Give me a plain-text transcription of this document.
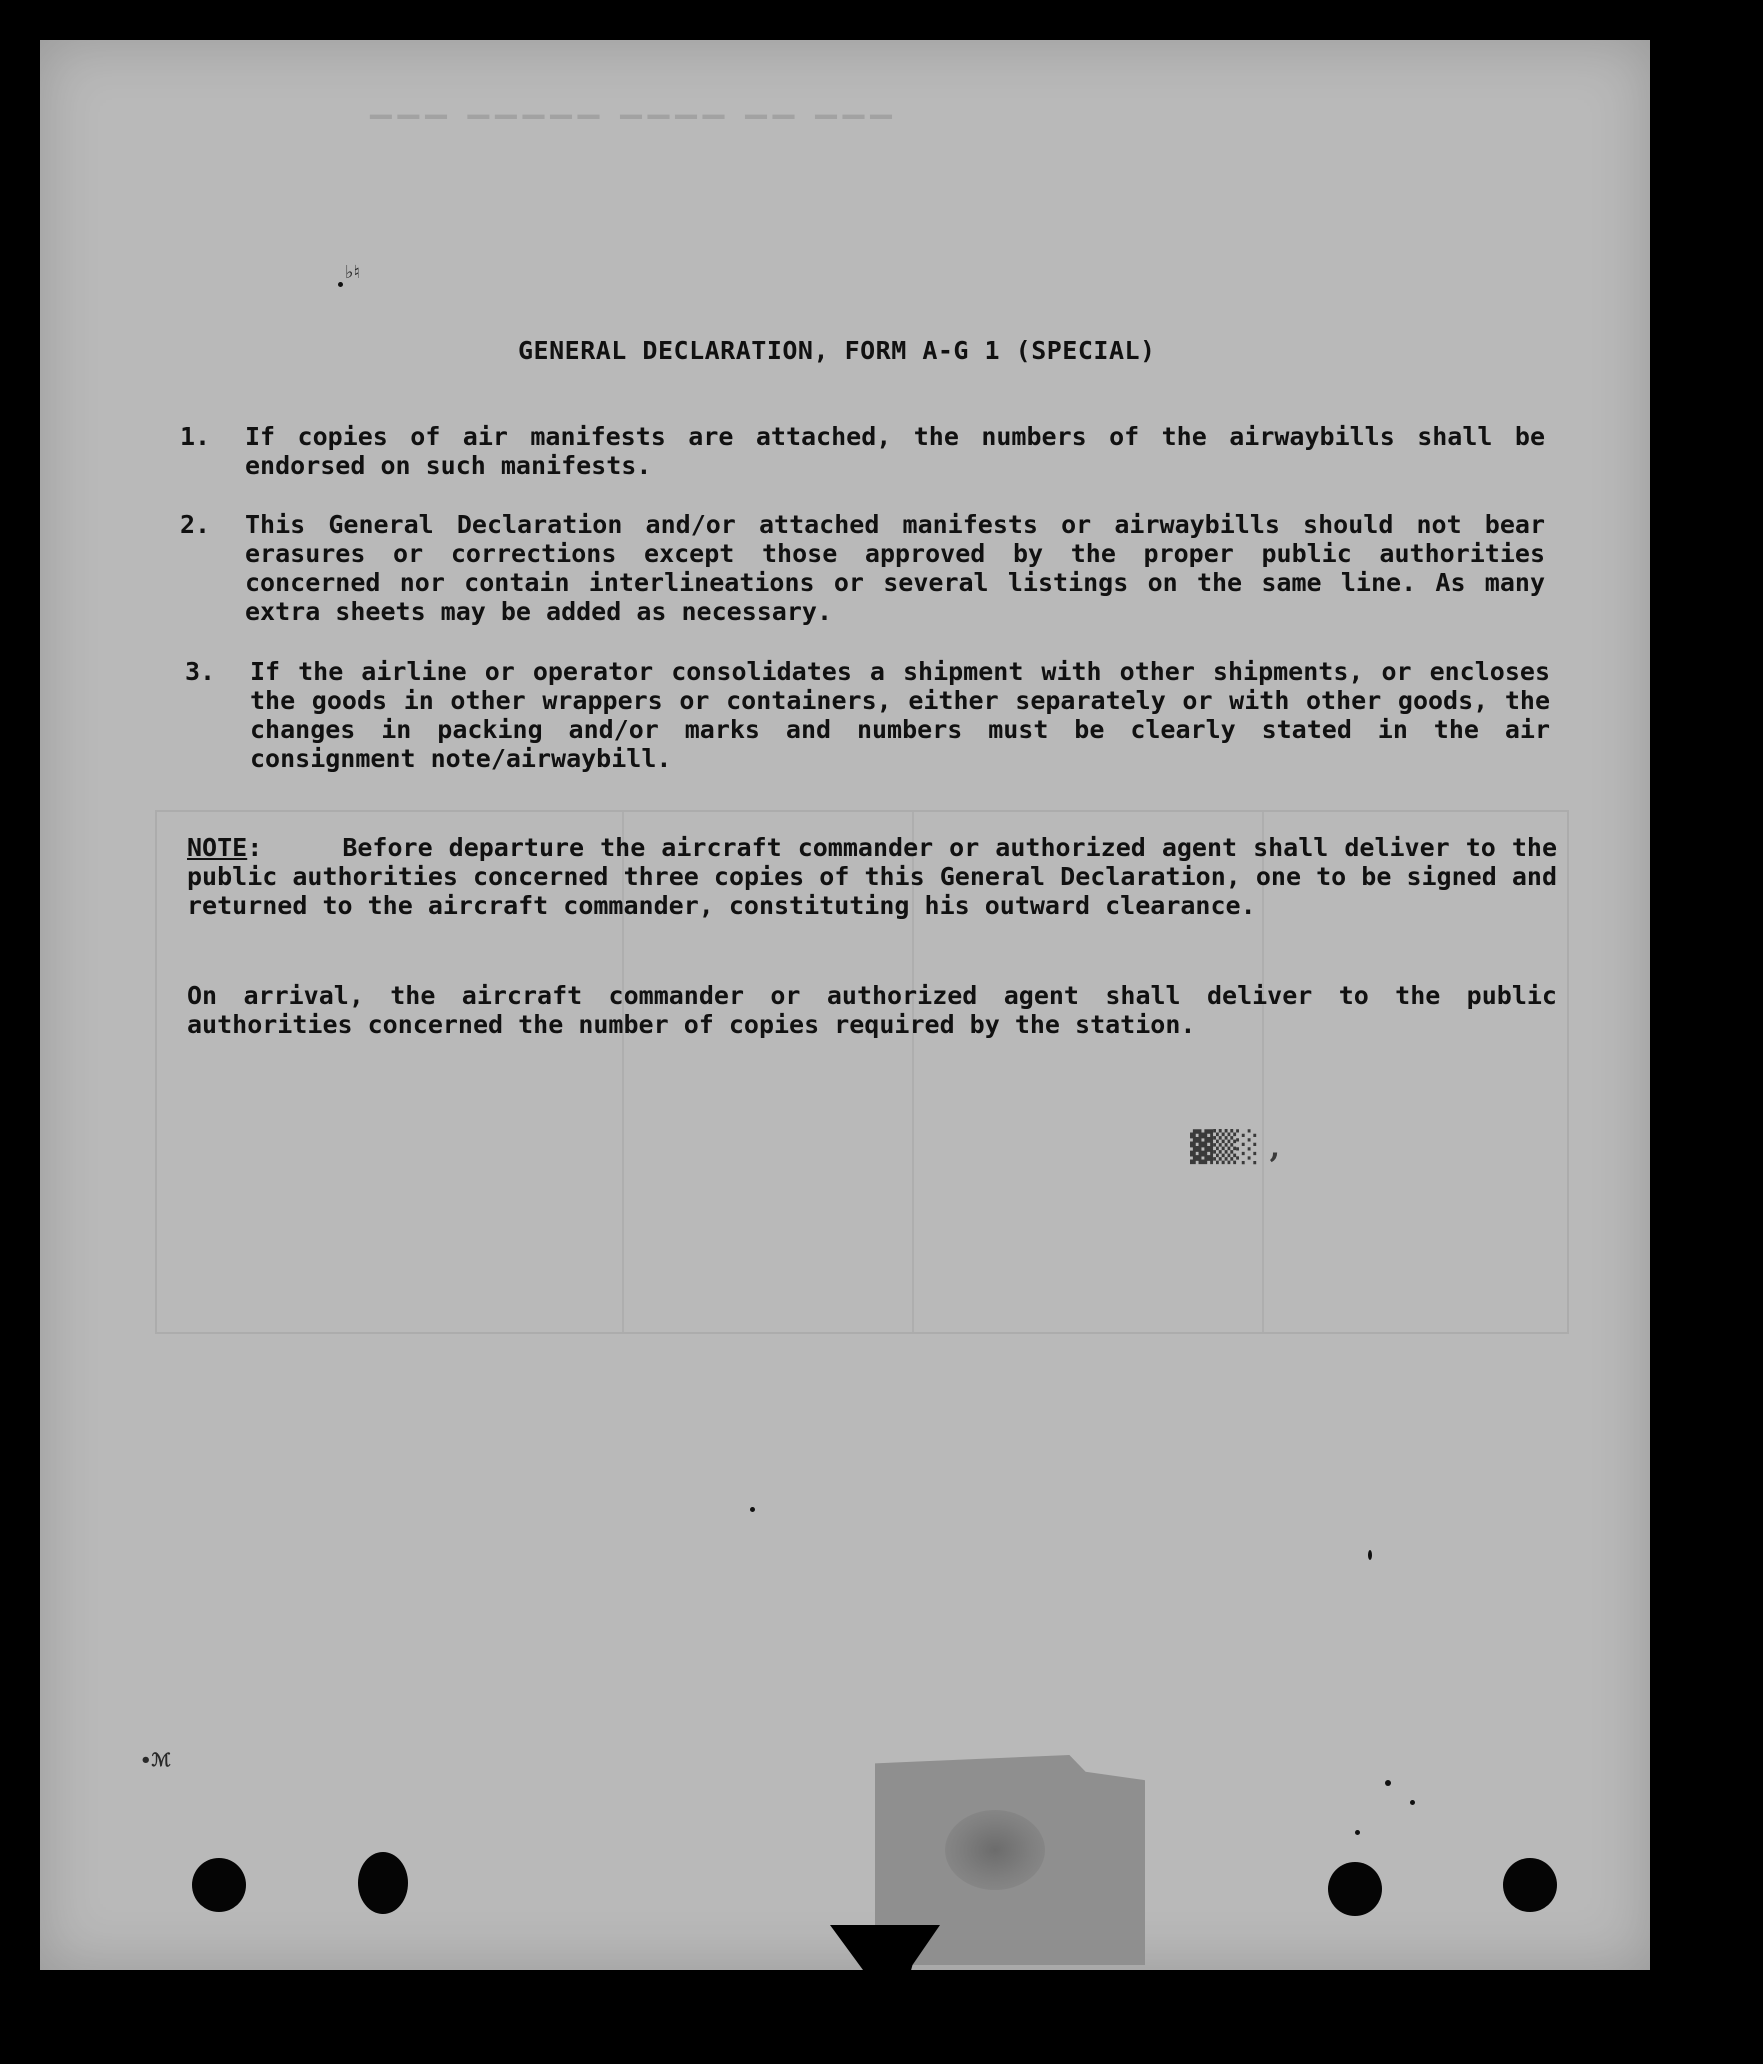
▔▔▔ ▔▔▔▔▔ ▔▔▔▔ ▔▔ ▔▔▔
GENERAL DECLARATION, FORM A-G 1 (SPECIAL)
1. If copies of air manifests are attached, the numbers of the airwaybills shall be endorsed on such manifests.
2. This General Declaration and/or attached manifests or airwaybills should not bear erasures or corrections except those approved by the proper public authorities concerned nor contain interlineations or several listings on the same line. As many extra sheets may be added as necessary.
3. If the airline or operator consolidates a shipment with other shipments, or encloses the goods in other wrappers or containers, either separately or with other goods, the changes in packing and/or marks and numbers must be clearly stated in the air consignment note/airwaybill.
NOTE:     Before departure the aircraft commander or authorized agent shall deliver to the public authorities concerned three copies of this General Declaration, one to be signed and returned to the aircraft commander, constituting his outward clearance.
On arrival, the aircraft commander or authorized agent shall deliver to the public authorities concerned the number of copies required by the station.
♭♮
▓▒░ ,
•ℳ
